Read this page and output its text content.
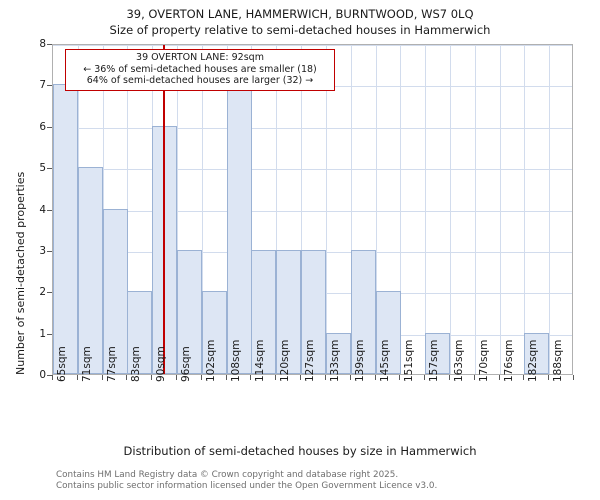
39, OVERTON LANE, HAMMERWICH, BURNTWOOD, WS7 0LQ
Size of property relative to semi-detached houses in Hammerwich
Number of semi-detached properties
39 OVERTON LANE: 92sqm
← 36% of semi-detached houses are smaller (18)
64% of semi-detached houses are larger (32) →
0
1
2
3
4
5
6
7
8
65sqm 71sqm 77sqm 83sqm 90sqm 96sqm 102sqm 108sqm 114sqm 120sqm 127sqm 133sqm 139sqm 145sqm 151sqm 157sqm 163sqm 170sqm 176sqm 182sqm 188sqm
Distribution of semi-detached houses by size in Hammerwich
Contains HM Land Registry data © Crown copyright and database right 2025.
Contains public sector information licensed under the Open Government Licence v3.0.
